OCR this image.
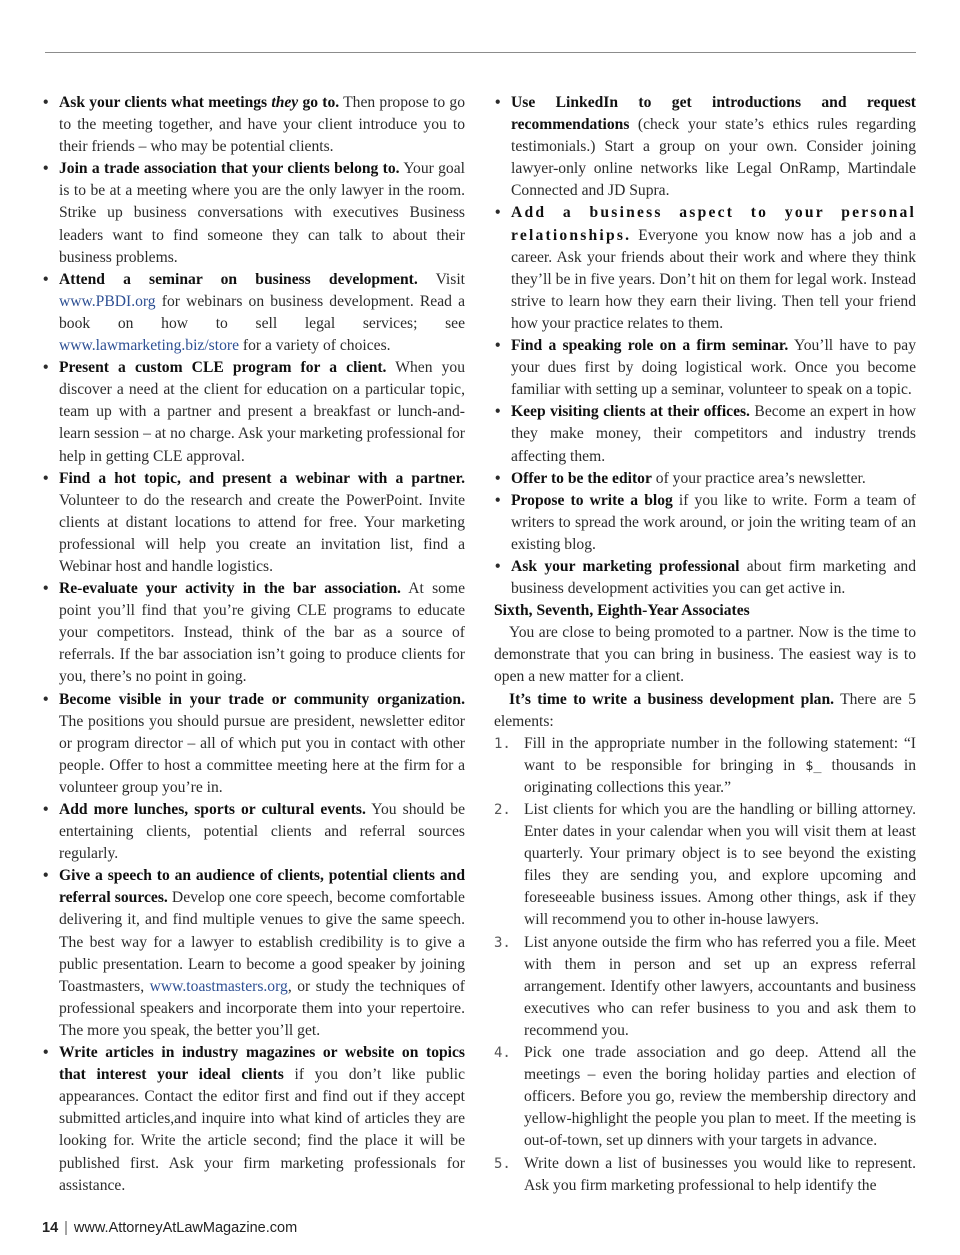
• Ask your clients what meetings they go to. Then propose to go to the meeting together, and have your client introduce you to their friends – who may be potential clients.
• Join a trade association that your clients belong to. Your goal is to be at a meeting where you are the only lawyer in the room. Strike up business conversations with executives Business leaders want to find someone they can talk to about their business problems.
• Attend a seminar on business development. Visit www.PBDI.org for webinars on business development. Read a book on how to sell legal services; see www.lawmarketing.biz/store for a variety of choices.
• Present a custom CLE program for a client. When you discover a need at the client for education on a particular topic, team up with a partner and present a breakfast or lunch-and-learn session – at no charge. Ask your marketing professional for help in getting CLE approval.
• Find a hot topic, and present a webinar with a partner. Volunteer to do the research and create the PowerPoint. Invite clients at distant locations to attend for free. Your marketing professional will help you create an invitation list, find a Webinar host and handle logistics.
• Re-evaluate your activity in the bar association. At some point you’ll find that you’re giving CLE programs to educate your competitors. Instead, think of the bar as a source of referrals. If the bar association isn’t going to produce clients for you, there’s no point in going.
• Become visible in your trade or community organization. The positions you should pursue are president, newsletter editor or program director – all of which put you in contact with other people. Offer to host a committee meeting here at the firm for a volunteer group you’re in.
• Add more lunches, sports or cultural events. You should be entertaining clients, potential clients and referral sources regularly.
• Give a speech to an audience of clients, potential clients and referral sources. Develop one core speech, become comfortable delivering it, and find multiple venues to give the same speech. The best way for a lawyer to establish credibility is to give a public presentation. Learn to become a good speaker by joining Toastmasters, www.toastmasters.org, or study the techniques of professional speakers and incorporate them into your repertoire. The more you speak, the better you’ll get.
• Write articles in industry magazines or website on topics that interest your ideal clients if you don’t like public appearances. Contact the editor first and find out if they accept submitted articles,and inquire into what kind of articles they are looking for. Write the article second; find the place it will be published first. Ask your firm marketing professionals for assistance.
• Use LinkedIn to get introductions and request recommendations (check your state’s ethics rules regarding testimonials.) Start a group on your own. Consider joining lawyer-only online networks like Legal OnRamp, Martindale Connected and JD Supra.
• Add a business aspect to your personal relationships. Everyone you know now has a job and a career. Ask your friends about their work and where they think they’ll be in five years. Don’t hit on them for legal work. Instead strive to learn how they earn their living. Then tell your friend how your practice relates to them.
• Find a speaking role on a firm seminar. You’ll have to pay your dues first by doing logistical work. Once you become familiar with setting up a seminar, volunteer to speak on a topic.
• Keep visiting clients at their offices. Become an expert in how they make money, their competitors and industry trends affecting them.
• Offer to be the editor of your practice area’s newsletter.
• Propose to write a blog if you like to write. Form a team of writers to spread the work around, or join the writing team of an existing blog.
• Ask your marketing professional about firm marketing and business development activities you can get active in.
Sixth, Seventh, Eighth-Year Associates
You are close to being promoted to a partner. Now is the time to demonstrate that you can bring in business. The easiest way is to open a new matter for a client.
It’s time to write a business development plan. There are 5 elements:
1. Fill in the appropriate number in the following statement: “I want to be responsible for bringing in $_ thousands in originating collections this year.”
2. List clients for which you are the handling or billing attorney. Enter dates in your calendar when you will visit them at least quarterly. Your primary object is to see beyond the existing files they are sending you, and explore upcoming and foreseeable business issues. Among other things, ask if they will recommend you to other in-house lawyers.
3. List anyone outside the firm who has referred you a file. Meet with them in person and set up an express referral arrangement. Identify other lawyers, accountants and business executives who can refer business to you and ask them to recommend you.
4. Pick one trade association and go deep. Attend all the meetings – even the boring holiday parties and election of officers. Before you go, review the membership directory and yellow-highlight the people you plan to meet. If the meeting is out-of-town, set up dinners with your targets in advance.
5. Write down a list of businesses you would like to represent. Ask you firm marketing professional to help identify the
14 | www.AttorneyAtLawMagazine.com
